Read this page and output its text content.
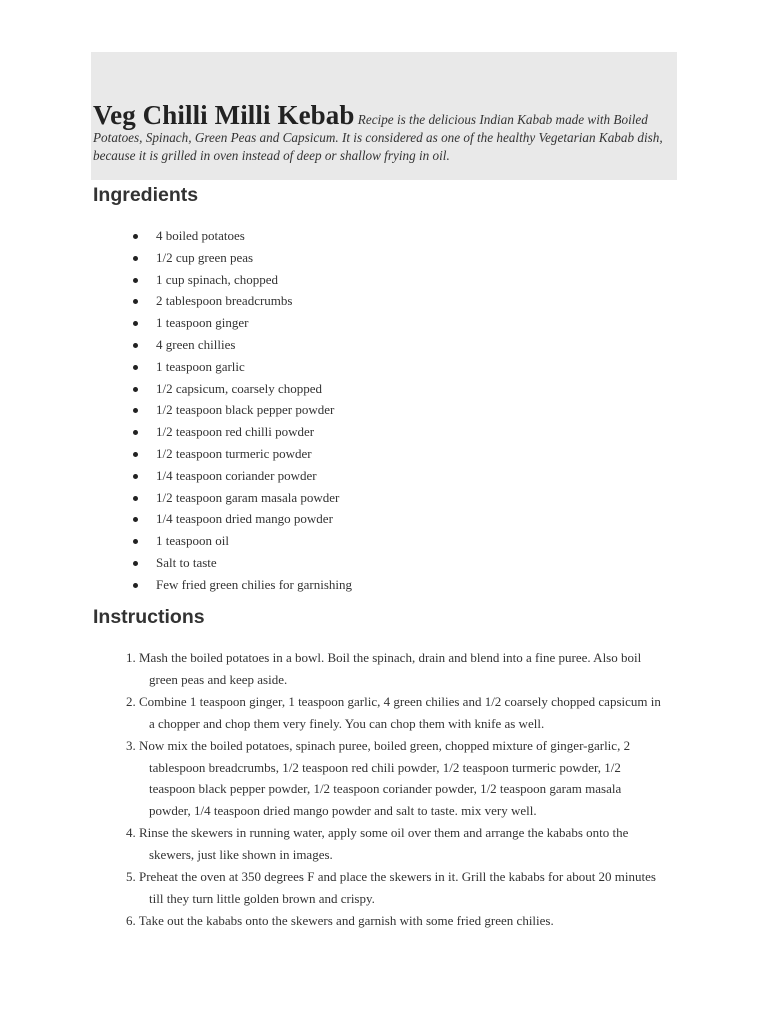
Veg Chilli Milli Kebab Recipe is the delicious Indian Kabab made with Boiled Potatoes, Spinach, Green Peas and Capsicum. It is considered as one of the healthy Vegetarian Kabab dish, because it is grilled in oven instead of deep or shallow frying in oil.

Ingredients
4 boiled potatoes
1/2 cup green peas
1 cup spinach, chopped
2 tablespoon breadcrumbs
1 teaspoon ginger
4 green chillies
1 teaspoon garlic
1/2 capsicum, coarsely chopped
1/2 teaspoon black pepper powder
1/2 teaspoon red chilli powder
1/2 teaspoon turmeric powder
1/4 teaspoon coriander powder
1/2 teaspoon garam masala powder
1/4 teaspoon dried mango powder
1 teaspoon oil
Salt to taste
Few fried green chilies for garnishing
Instructions
1. Mash the boiled potatoes in a bowl. Boil the spinach, drain and blend into a fine puree. Also boil green peas and keep aside.
2. Combine 1 teaspoon ginger, 1 teaspoon garlic, 4 green chilies and 1/2 coarsely chopped capsicum in a chopper and chop them very finely. You can chop them with knife as well.
3. Now mix the boiled potatoes, spinach puree, boiled green, chopped mixture of ginger-garlic, 2 tablespoon breadcrumbs, 1/2 teaspoon red chili powder, 1/2 teaspoon turmeric powder, 1/2 teaspoon black pepper powder, 1/2 teaspoon coriander powder, 1/2 teaspoon garam masala powder, 1/4 teaspoon dried mango powder and salt to taste. mix very well.
4. Rinse the skewers in running water, apply some oil over them and arrange the kababs onto the skewers, just like shown in images.
5. Preheat the oven at 350 degrees F and place the skewers in it. Grill the kababs for about 20 minutes till they turn little golden brown and crispy.
6. Take out the kababs onto the skewers and garnish with some fried green chilies.
